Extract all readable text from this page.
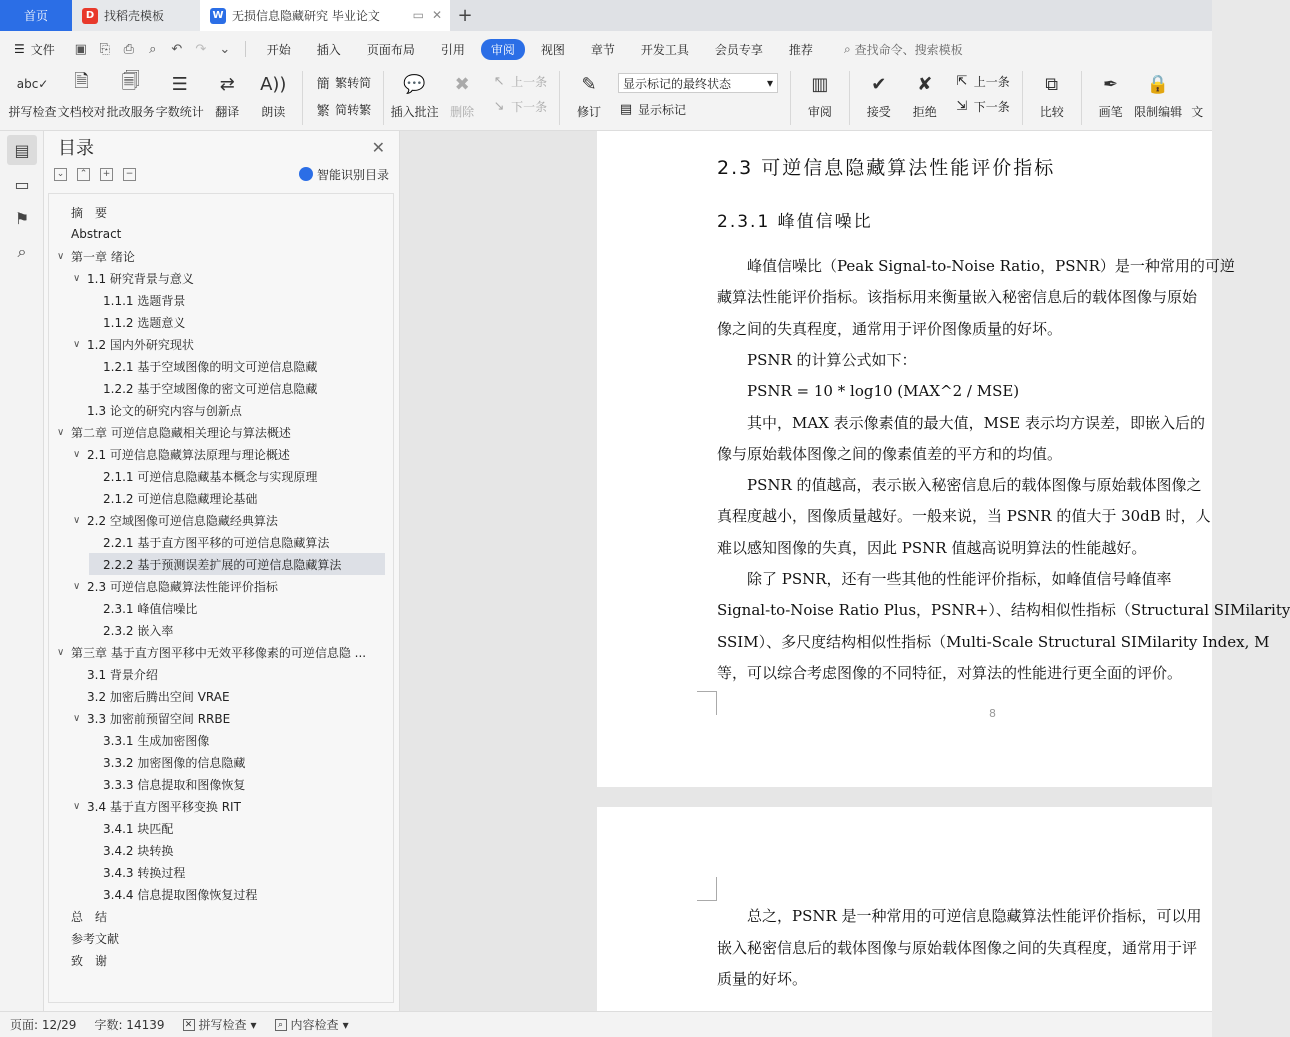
首页	D 找稻壳模板	W 无损信息隐藏研究 毕业论文	▭ ✕ +
☰ 文件 ▣ ⎘ ⎙	⌕	↶ ↷ ⌄	开始	插入	页面布局	引用	审阅	视图	章节	开发工具	会员专享	推荐	⌕ 查找命令、搜索模板
abc✓
拼写检查
🗎
文档校对
🗐
批改服务
☰
字数统计
⇄
翻译
A))
朗读
簡 繁转简
繁 简转繁
💬
插入批注
✖
删除
↖ 上一条
↘ 下一条
✎
修订
显示标记的最终状态	▾
▤ 显示标记
▥
审阅
✔
接受
✘
拒绝
⇱ 上一条
⇲ 下一条
⧉
比较
✒
画笔
🔒
限制编辑 文
▤
▭
⚑
⌕
目录	✕
⌄	⌃	+	−	智能识别目录
摘　要
Abstract
∨ 第一章 绪论
∨ 1.1 研究背景与意义
1.1.1 选题背景
1.1.2 选题意义
∨ 1.2 国内外研究现状
1.2.1 基于空域图像的明文可逆信息隐藏
1.2.2 基于空域图像的密文可逆信息隐藏
1.3 论文的研究内容与创新点
∨ 第二章 可逆信息隐藏相关理论与算法概述
∨ 2.1 可逆信息隐藏算法原理与理论概述
2.1.1 可逆信息隐藏基本概念与实现原理
2.1.2 可逆信息隐藏理论基础
∨ 2.2 空域图像可逆信息隐藏经典算法
2.2.1 基于直方图平移的可逆信息隐藏算法
2.2.2 基于预测误差扩展的可逆信息隐藏算法
∨ 2.3 可逆信息隐藏算法性能评价指标
2.3.1 峰值信噪比
2.3.2 嵌入率
∨ 第三章 基于直方图平移中无效平移像素的可逆信息隐 ...
3.1 背景介绍
3.2 加密后腾出空间 VRAE
∨ 3.3 加密前预留空间 RRBE
3.3.1 生成加密图像
3.3.2 加密图像的信息隐藏
3.3.3 信息提取和图像恢复
∨ 3.4 基于直方图平移变换 RIT
3.4.1 块匹配
3.4.2 块转换
3.4.3 转换过程
3.4.4 信息提取图像恢复过程
总　结
参考文献
致　谢
2.3 可逆信息隐藏算法性能评价指标
2.3.1 峰值信噪比
　　峰值信噪比（Peak Signal-to-Noise Ratio，PSNR）是一种常用的可逆
藏算法性能评价指标。该指标用来衡量嵌入秘密信息后的载体图像与原始
像之间的失真程度，通常用于评价图像质量的好坏。
　　PSNR 的计算公式如下：
　　PSNR = 10 * log10 (MAX^2 / MSE)
　　其中，MAX 表示像素值的最大值，MSE 表示均方误差，即嵌入后的
像与原始载体图像之间的像素值差的平方和的均值。
　　PSNR 的值越高，表示嵌入秘密信息后的载体图像与原始载体图像之
真程度越小，图像质量越好。一般来说，当 PSNR 的值大于 30dB 时，人
难以感知图像的失真，因此 PSNR 值越高说明算法的性能越好。
　　除了 PSNR，还有一些其他的性能评价指标，如峰值信号峰值率
Signal-to-Noise Ratio Plus，PSNR+）、结构相似性指标（Structural SIMilarity
SSIM）、多尺度结构相似性指标（Multi-Scale Structural SIMilarity Index, M
等，可以综合考虑图像的不同特征，对算法的性能进行更全面的评价。
8
　　总之，PSNR 是一种常用的可逆信息隐藏算法性能评价指标，可以用
嵌入秘密信息后的载体图像与原始载体图像之间的失真程度，通常用于评
质量的好坏。
页面: 12/29 字数: 14139 ✕ 拼写检查 ▾	⌕ 内容检查 ▾
